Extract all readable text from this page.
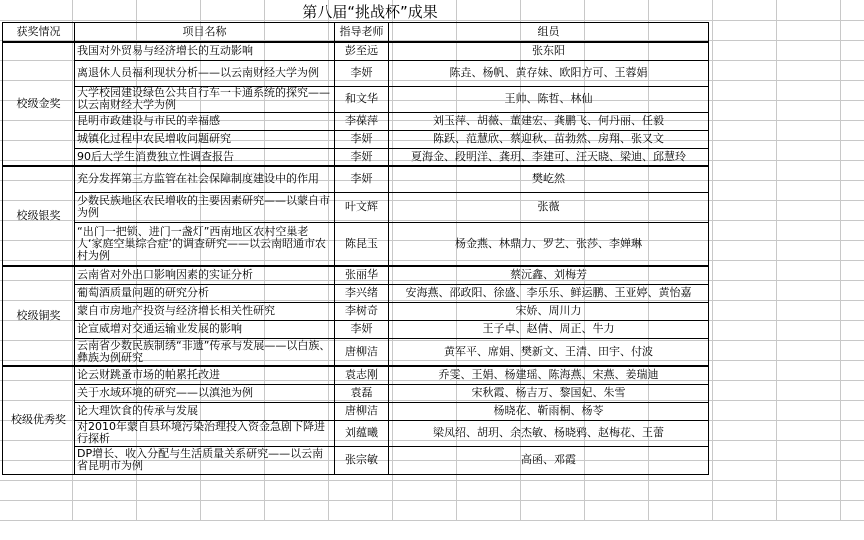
第八届“挑战杯”成果
获奖情况	项目名称	指导老师	组员
校级金奖	我国对外贸易与经济增长的互动影响	彭至远	张东阳
	离退休人员福利现状分析——以云南财经大学为例	李妍	陈垚、杨帆、黄存妹、欧阳方可、王蓉娟
	大学校园建设绿色公共自行车一卡通系统的探究——以云南财经大学为例	和文华	王帅、陈哲、林仙
	昆明市政建设与市民的幸福感	李葆萍	刘玉萍、胡薇、董建宏、龚鹏飞、何丹丽、任毅
	城镇化过程中农民增收问题研究	李妍	陈跃、范慧欣、蔡迎秋、苗勃然、房翔、张又文
	90后大学生消费独立性调查报告	李妍	夏海金、段明洋、龚玥、李建可、汪天晓、梁迪、邱慧玲
校级银奖	充分发挥第三方监管在社会保障制度建设中的作用	李妍	樊屹然
	少数民族地区农民增收的主要因素研究——以蒙自市为例	叶文辉	张薇
	“出门一把锁、进门一盏灯”西南地区农村空巢老人‘家庭空巢综合症’的调查研究——以云南昭通市农村为例	陈昆玉	杨金燕、林鼎力、罗艺、张莎、李婵琳
校级铜奖	云南省对外出口影响因素的实证分析	张丽华	蔡沅鑫、刘梅芳
	葡萄酒质量问题的研究分析	李兴绪	安海燕、邵政阳、徐盛、李乐乐、鲜运鹏、王亚婷、黄怡嘉
	蒙自市房地产投资与经济增长相关性研究	李树奇	宋娇、周川力
	论宣威增对交通运输业发展的影响	李妍	王子卓、赵倩、周正、牛力
	云南省少数民族制绣“非遗”传承与发展——以白族、彝族为例研究	唐柳洁	黄军平、席娟、樊新文、王清、田宇、付波
校级优秀奖	论云财跳蚤市场的帕累托改进	袁志刚	乔雯、王娟、杨建瑶、陈海燕、宋燕、姜瑞迪
	关于水域环境的研究——以滇池为例	袁磊	宋秋霞、杨吉万、黎国妃、朱雪
	论大理饮食的传承与发展	唐柳洁	杨晓花、靳雨桐、杨苓
	对2010年蒙自县环境污染治理投入资金急剧下降进行探析	刘蕴曦	梁凤绍、胡玥、余杰敏、杨晓鸦、赵梅花、王蕾
	DP增长、收入分配与生活质量关系研究——以云南省昆明市为例	张宗敏	高函、邓霞
